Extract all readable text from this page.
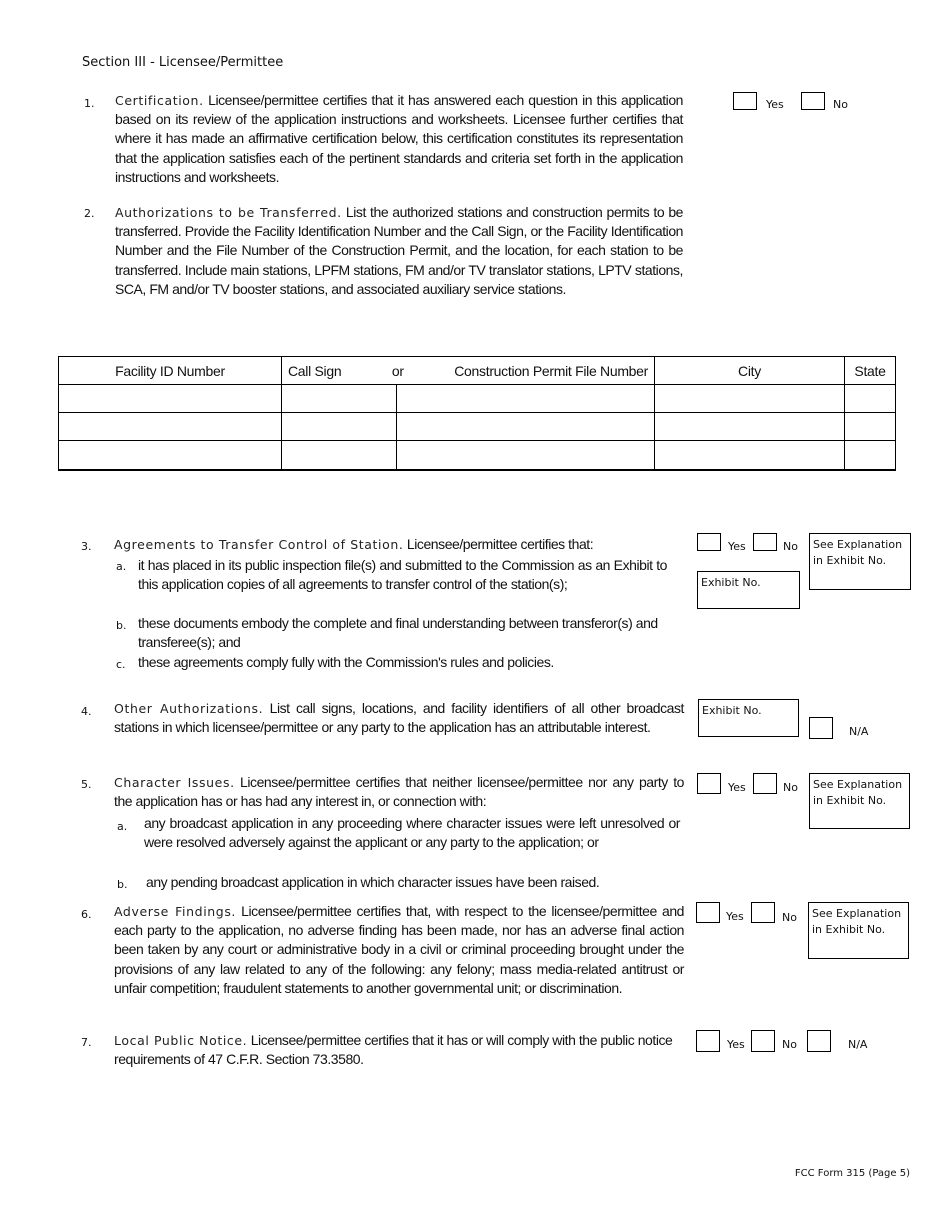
Section III - Licensee/Permittee
1. Certification. Licensee/permittee certifies that it has answered each question in this application based on its review of the application instructions and worksheets. Licensee further certifies that where it has made an affirmative certification below, this certification constitutes its representation that the application satisfies each of the pertinent standards and criteria set forth in the application instructions and worksheets.
Yes	No
2. Authorizations to be Transferred. List the authorized stations and construction permits to be transferred. Provide the Facility Identification Number and the Call Sign, or the Facility Identification Number and the File Number of the Construction Permit, and the location, for each station to be transferred. Include main stations, LPFM stations, FM and/or TV translator stations, LPTV stations, SCA, FM and/or TV booster stations, and associated auxiliary service stations.
Facility ID Number	Call Sign or Construction Permit File Number		City	State

3. Agreements to Transfer Control of Station. Licensee/permittee certifies that:
a. it has placed in its public inspection file(s) and submitted to the Commission as an Exhibit to this application copies of all agreements to transfer control of the station(s);
b. these documents embody the complete and final understanding between transferor(s) and transferee(s); and
c. these agreements comply fully with the Commission's rules and policies.
Yes	No	See Explanation in Exhibit No.
Exhibit No.
4. Other Authorizations. List call signs, locations, and facility identifiers of all other broadcast stations in which licensee/permittee or any party to the application has an attributable interest.
Exhibit No.
N/A
5. Character Issues. Licensee/permittee certifies that neither licensee/permittee nor any party to the application has or has had any interest in, or connection with:
a. any broadcast application in any proceeding where character issues were left unresolved or were resolved adversely against the applicant or any party to the application; or
b. any pending broadcast application in which character issues have been raised.
Yes	No	See Explanation in Exhibit No.
6. Adverse Findings. Licensee/permittee certifies that, with respect to the licensee/permittee and each party to the application, no adverse finding has been made, nor has an adverse final action been taken by any court or administrative body in a civil or criminal proceeding brought under the provisions of any law related to any of the following: any felony; mass media-related antitrust or unfair competition; fraudulent statements to another governmental unit; or discrimination.
Yes	No	See Explanation in Exhibit No.
7. Local Public Notice. Licensee/permittee certifies that it has or will comply with the public notice requirements of 47 C.F.R. Section 73.3580.
Yes	No	N/A
FCC Form 315 (Page 5)
